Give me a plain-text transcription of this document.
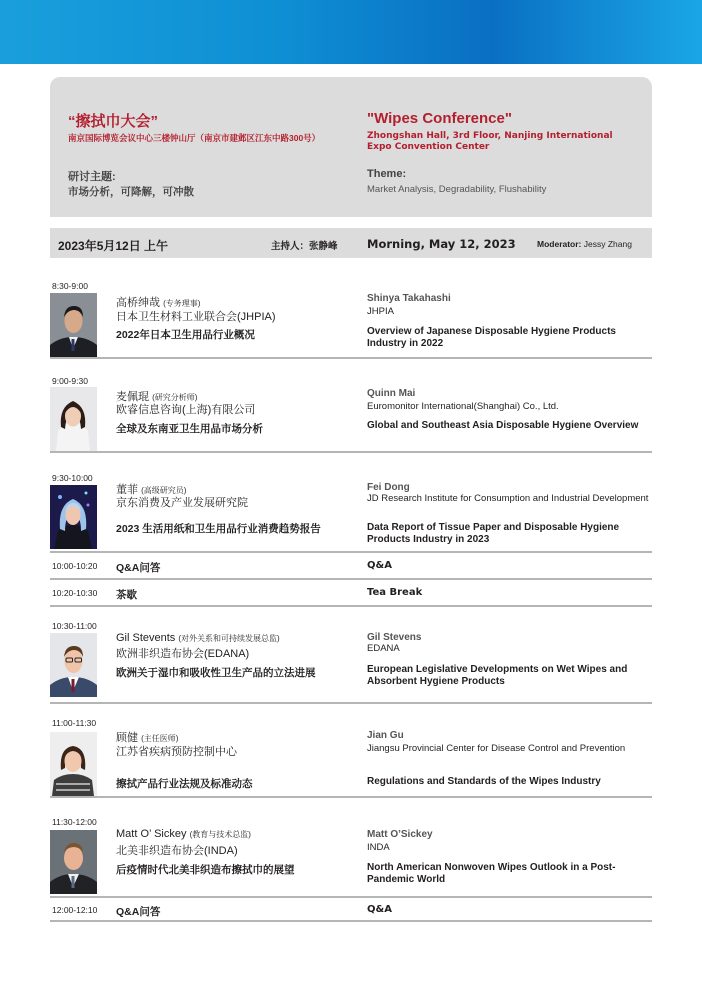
“擦拭巾大会”
南京国际博览会议中心三楼钟山厅（南京市建邺区江东中路300号）
研讨主题:
市场分析，可降解，可冲散
"Wipes Conference"
Zhongshan Hall, 3rd Floor, Nanjing International Expo Convention Center
Theme:
Market Analysis, Degradability, Flushability
2023年5月12日 上午	主持人：张静峰	Morning, May 12, 2023	Moderator: Jessy Zhang
8:30-9:00
高桥绅哉 (专务理事)
日本卫生材料工业联合会(JHPIA)
2022年日本卫生用品行业概况
Shinya Takahashi
JHPIA
Overview of Japanese Disposable Hygiene Products Industry in 2022
9:00-9:30
麦佩琨 (研究分析师)
欧睿信息咨询(上海)有限公司
全球及东南亚卫生用品市场分析
Quinn Mai
Euromonitor International(Shanghai) Co., Ltd.
Global and Southeast Asia Disposable Hygiene Overview
9:30-10:00
董菲 (高级研究员)
京东消费及产业发展研究院
2023 生活用纸和卫生用品行业消费趋势报告
Fei Dong
JD Research Institute for Consumption and Industrial Development
Data Report of Tissue Paper and Disposable Hygiene Products Industry in 2023
10:00-10:20 Q&A问答	Q&A
10:20-10:30 茶歇	Tea Break
10:30-11:00
Gil Stevents (对外关系和可持续发展总监)
欧洲非织造布协会(EDANA)
欧洲关于湿巾和吸收性卫生产品的立法进展
Gil Stevens
EDANA
European Legislative Developments on Wet Wipes and Absorbent Hygiene Products
11:00-11:30
顾健 (主任医师)
江苏省疾病预防控制中心
擦拭产品行业法规及标准动态
Jian Gu
Jiangsu Provincial Center for Disease Control and Prevention
Regulations and Standards of the Wipes Industry
11:30-12:00
Matt O’ Sickey (教育与技术总监)
北美非织造布协会(INDA)
后疫情时代北美非织造布擦拭巾的展望
Matt O’Sickey
INDA
North American Nonwoven Wipes Outlook in a Post-Pandemic World
12:00-12:10 Q&A问答	Q&A
